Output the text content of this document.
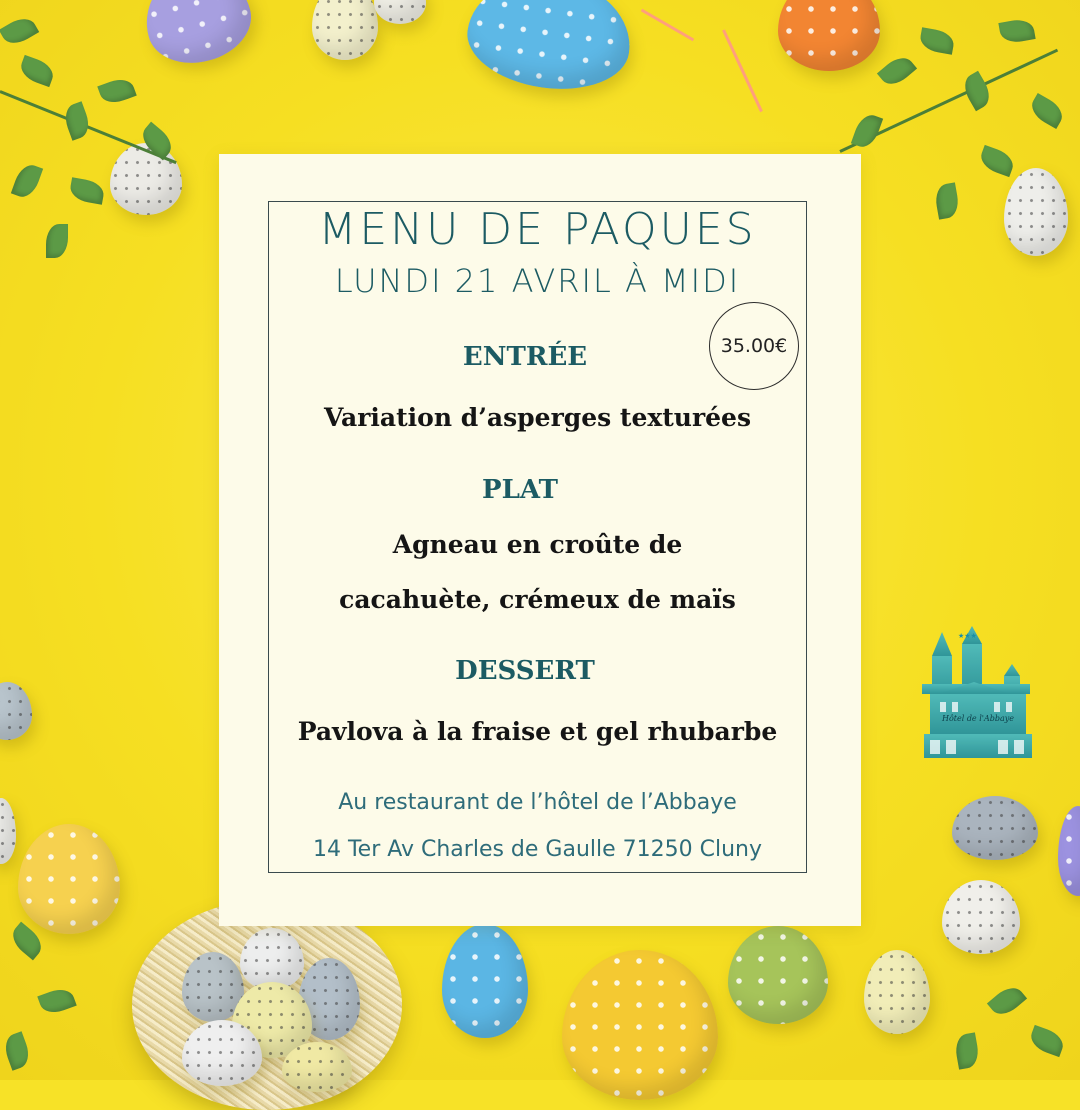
MENU DE PAQUES
LUNDI 21 AVRIL À MIDI
35.00€
ENTRÉE

Variation d’asperges texturées

PLAT

Agneau en croûte de

cacahuète, crémeux de maïs

DESSERT

Pavlova à la fraise et gel rhubarbe

Au restaurant de l’hôtel de l’Abbaye

14 Ter Av Charles de Gaulle 71250 Cluny

Hôtel de l'Abbaye
★★★
